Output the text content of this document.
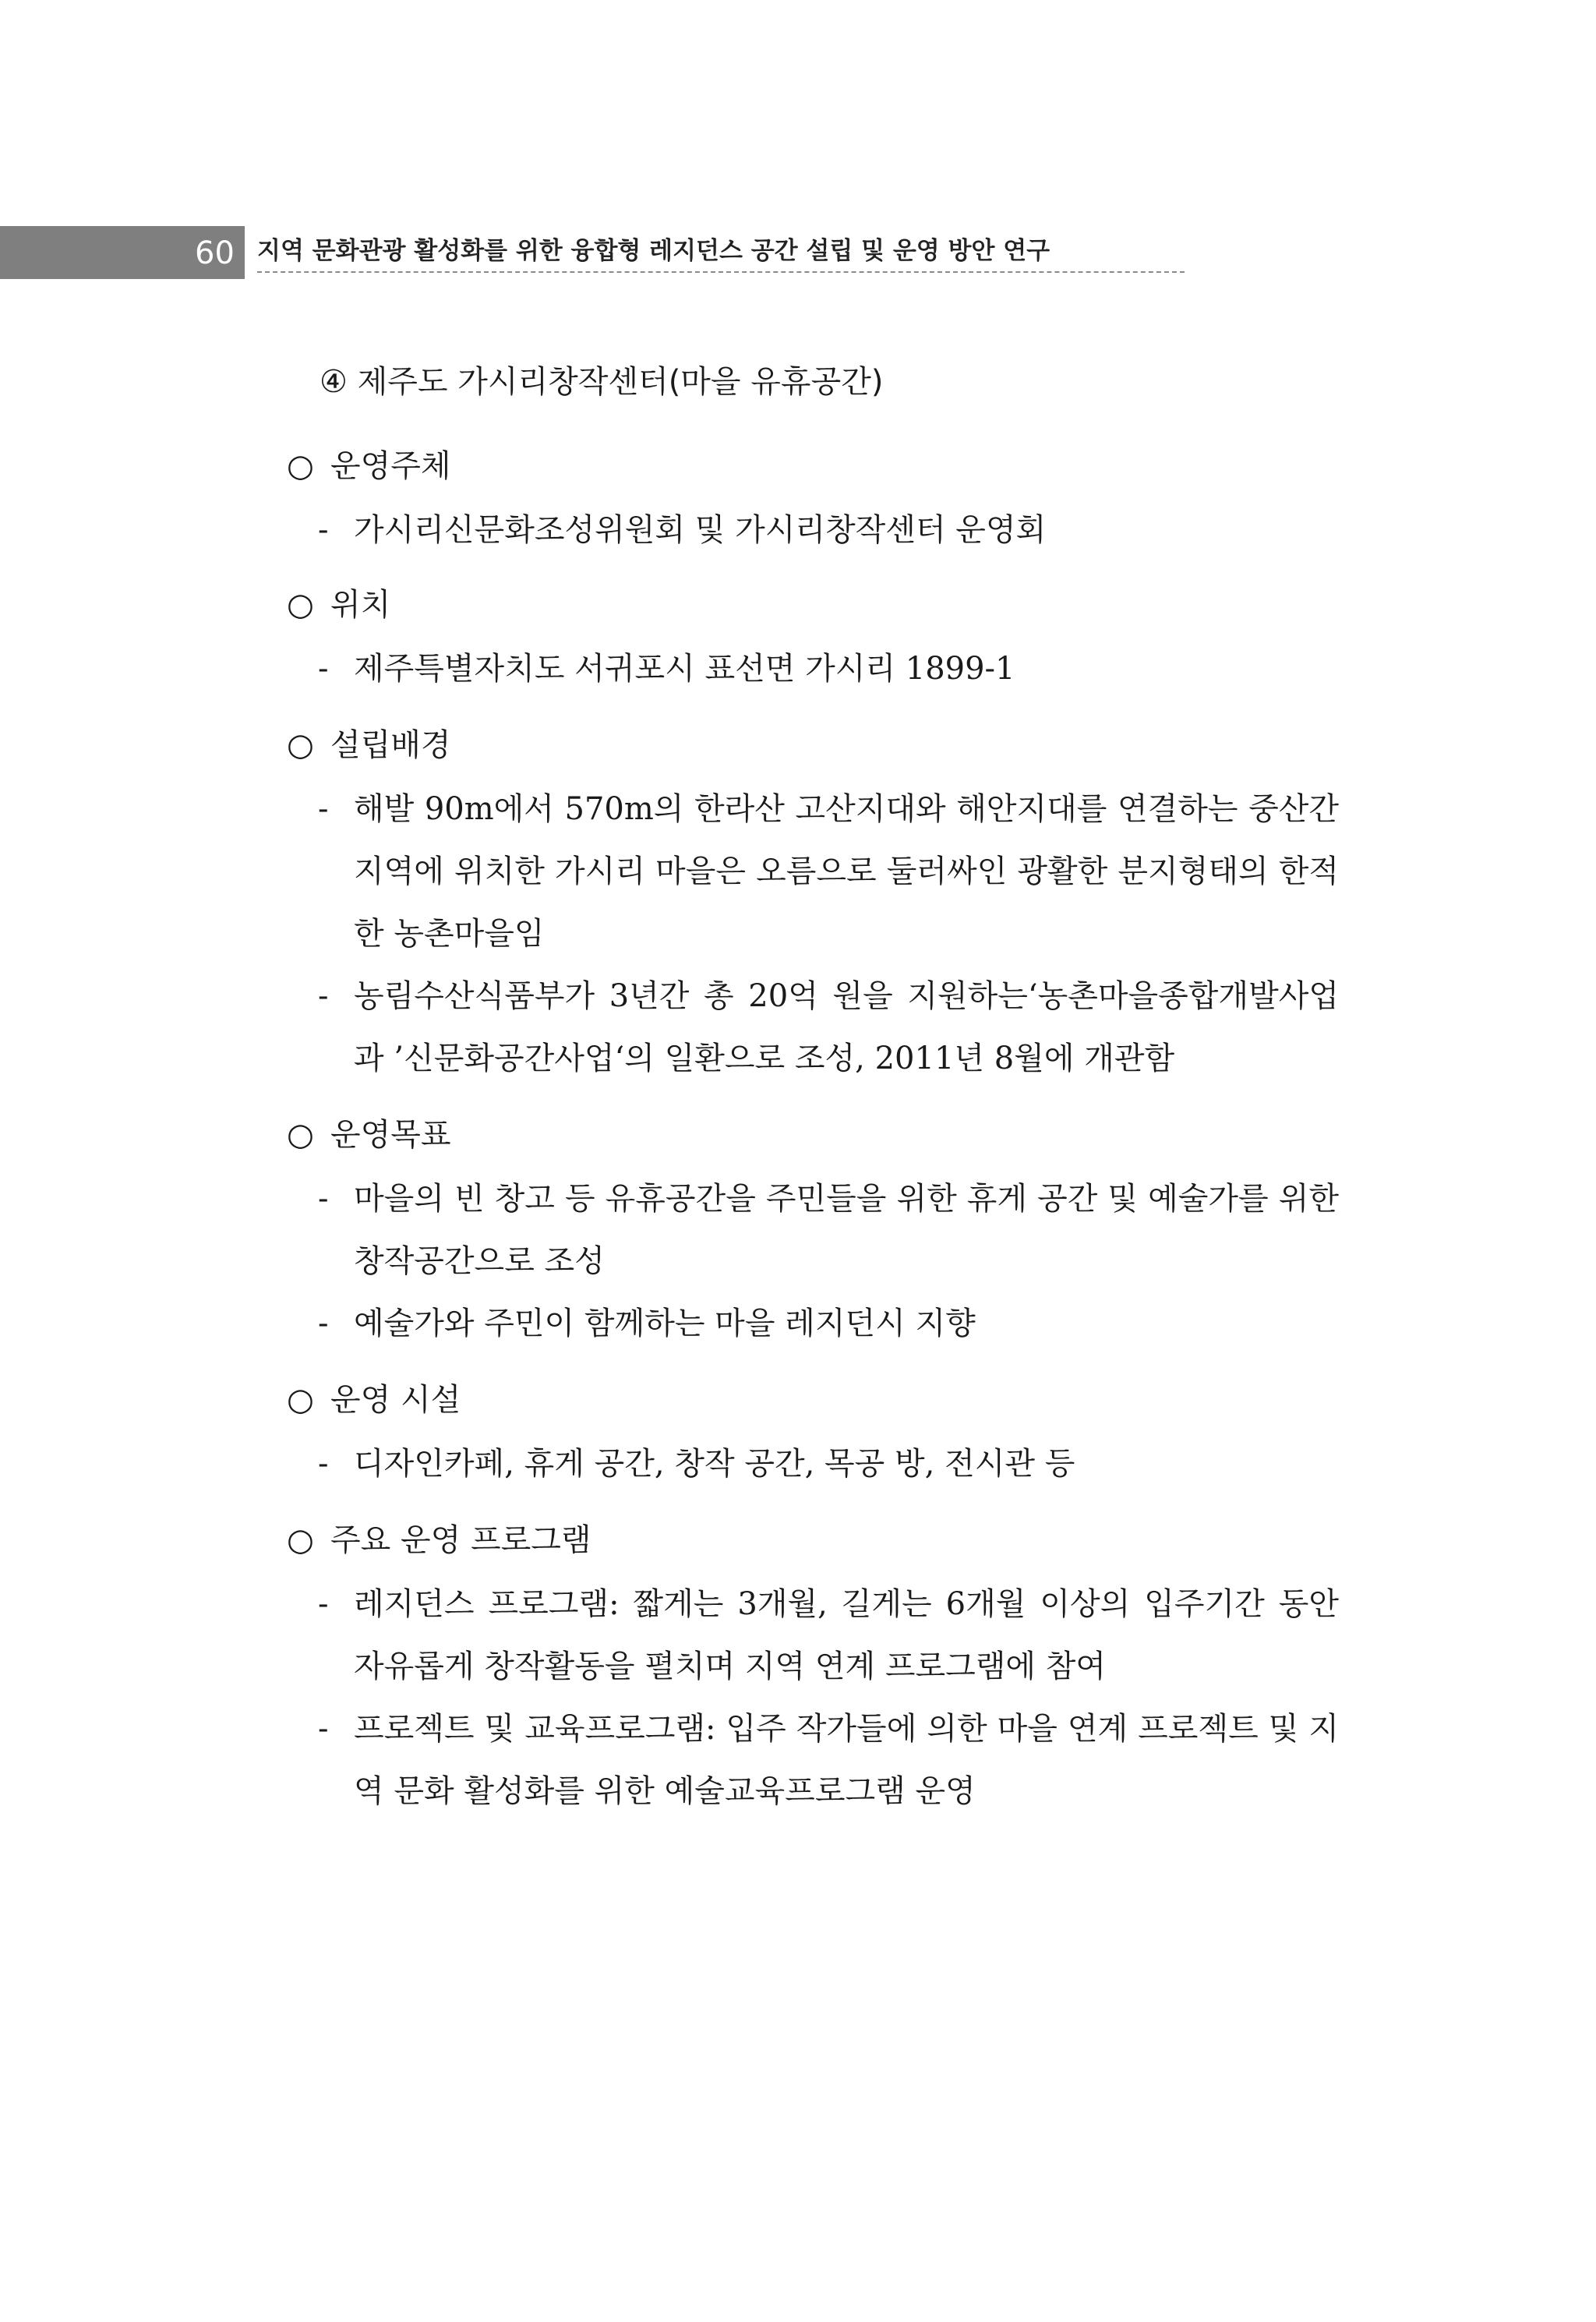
60 지역 문화관광 활성화를 위한 융합형 레지던스 공간 설립 및 운영 방안 연구
④ 제주도 가시리창작센터(마을 유휴공간)
○ 운영주체
- 가시리신문화조성위원회 및 가시리창작센터 운영회
○ 위치
- 제주특별자치도 서귀포시 표선면 가시리 1899-1
○ 설립배경
- 해발 90m에서 570m의 한라산 고산지대와 해안지대를 연결하는 중산간 지역에 위치한 가시리 마을은 오름으로 둘러싸인 광활한 분지형태의 한적한 농촌마을임
- 농림수산식품부가 3년간 총 20억 원을 지원하는‘농촌마을종합개발사업과 ’신문화공간사업‘의 일환으로 조성, 2011년 8월에 개관함
○ 운영목표
- 마을의 빈 창고 등 유휴공간을 주민들을 위한 휴게 공간 및 예술가를 위한 창작공간으로 조성
- 예술가와 주민이 함께하는 마을 레지던시 지향
○ 운영 시설
- 디자인카페, 휴게 공간, 창작 공간, 목공 방, 전시관 등
○ 주요 운영 프로그램
- 레지던스 프로그램: 짧게는 3개월, 길게는 6개월 이상의 입주기간 동안 자유롭게 창작활동을 펼치며 지역 연계 프로그램에 참여
- 프로젝트 및 교육프로그램: 입주 작가들에 의한 마을 연계 프로젝트 및 지역 문화 활성화를 위한 예술교육프로그램 운영
